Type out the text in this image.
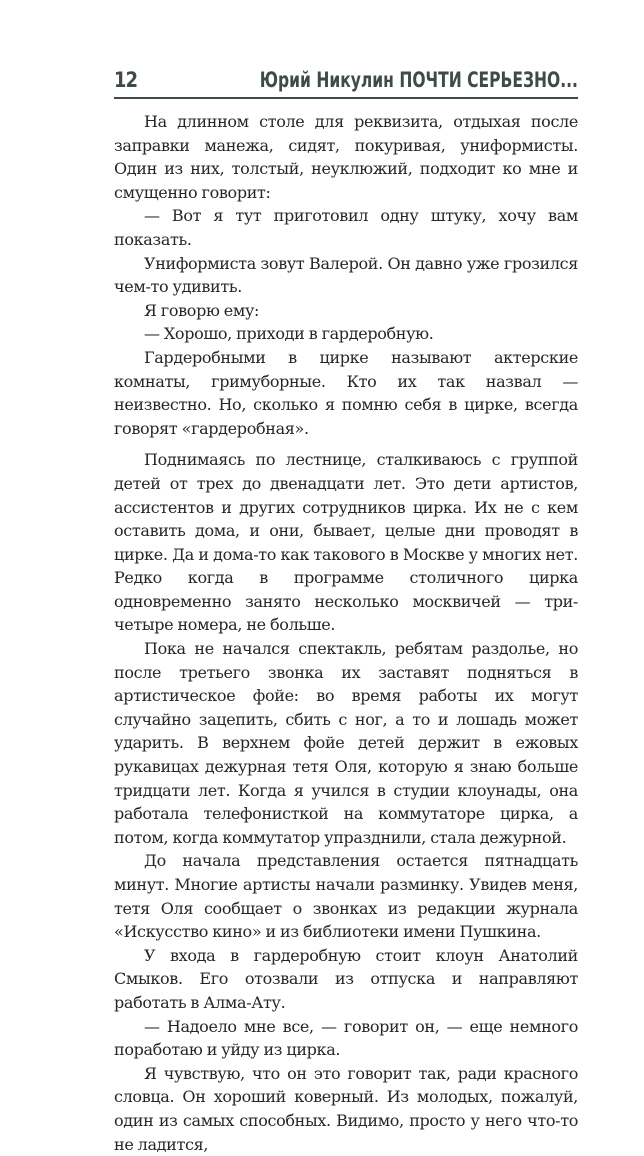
12	Юрий Никулин ПОЧТИ СЕРЬЕЗНО...

На длинном столе для реквизита, отдыхая после заправки манежа, сидят, покуривая, униформисты. Один из них, толстый, неуклюжий, подходит ко мне и смущенно говорит:

— Вот я тут приготовил одну штуку, хочу вам показать.

Униформиста зовут Валерой. Он давно уже грозился чем-то удивить.

Я говорю ему:

— Хорошо, приходи в гардеробную.

Гардеробными в цирке называют актерские комнаты, гримуборные. Кто их так назвал — неизвестно. Но, сколько я помню себя в цирке, всегда говорят «гардеробная».

Поднимаясь по лестнице, сталкиваюсь с группой детей от трех до двенадцати лет. Это дети артистов, ассистентов и других сотрудников цирка. Их не с кем оставить дома, и они, бывает, целые дни проводят в цирке. Да и дома-то как такового в Москве у многих нет. Редко когда в программе столичного цирка одновременно занято несколько москвичей — три-четыре номера, не больше.

Пока не начался спектакль, ребятам раздолье, но после третьего звонка их заставят подняться в артистическое фойе: во время работы их могут случайно зацепить, сбить с ног, а то и лошадь может ударить. В верхнем фойе детей держит в ежовых рукавицах дежурная тетя Оля, которую я знаю больше тридцати лет. Когда я учился в студии клоунады, она работала телефонисткой на коммутаторе цирка, а потом, когда коммутатор упразднили, стала дежурной.

До начала представления остается пятнадцать минут. Многие артисты начали разминку. Увидев меня, тетя Оля сообщает о звонках из редакции журнала «Искусство кино» и из библиотеки имени Пушкина.

У входа в гардеробную стоит клоун Анатолий Смыков. Его отозвали из отпуска и направляют работать в Алма-Ату.

— Надоело мне все, — говорит он, — еще немного поработаю и уйду из цирка.

Я чувствую, что он это говорит так, ради красного словца. Он хороший коверный. Из молодых, пожалуй, один из самых способных. Видимо, просто у него что-то не ладится,
